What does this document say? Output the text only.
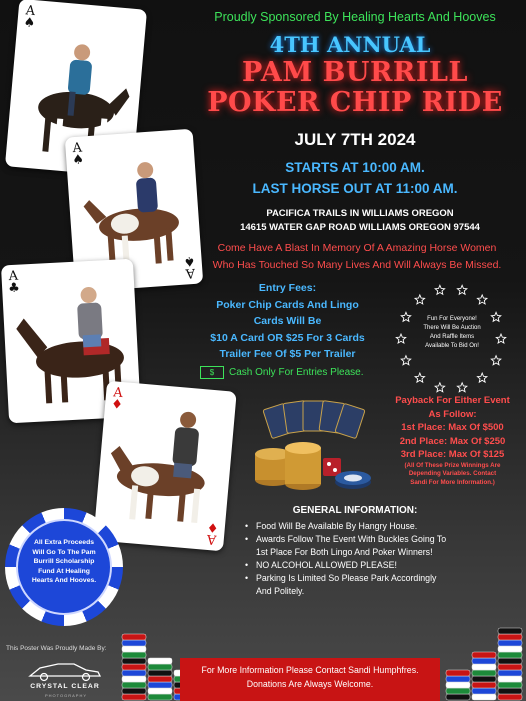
A
♠
A
♠
A
♠
A
♣
A
♦
A
♦
Proudly Sponsored By Healing Hearts And Hooves
4TH ANNUAL
PAM BURRILL
POKER CHIP RIDE
JULY 7TH 2024
STARTS AT 10:00 AM.
LAST HORSE OUT AT 11:00 AM.
PACIFICA TRAILS IN WILLIAMS OREGON
14615 WATER GAP ROAD WILLIAMS OREGON 97544
Come Have A Blast In Memory Of A Amazing Horse Women
Who Has Touched So Many Lives And Will Always Be Missed.
Entry Fees:
Poker Chip Cards And Lingo
Cards Will Be
$10 A Card OR $25 For 3 Cards
Trailer Fee Of $5 Per Trailer
$ Cash Only For Entries Please.
Fun For Everyone!
There Will Be Auction
And Raffle Items
Available To Bid On!
Payback For Either Event
As Follow:
1st Place: Max Of $500
2nd Place: Max Of $250
3rd Place: Max Of $125
(All Of These Prize Winnings Are
Depending Variables. Contact
Sandi For More Information.)
GENERAL INFORMATION:
• Food Will Be Available By Hangry House.
• Awards Follow The Event With Buckles Going To
1st Place For Both Lingo And Poker Winners!
• NO ALCOHOL ALLOWED PLEASE!
• Parking Is Limited So Please Park Accordingly
And Politely.
All Extra Proceeds
Will Go To The Pam
Burrill Scholarship
Fund At Healing
Hearts And Hooves.
This Poster Was Proudly Made By:
CRYSTAL CLEAR
PHOTOGRAPHY
For More Information Please Contact Sandi Humphfres.
Donations Are Always Welcome.
